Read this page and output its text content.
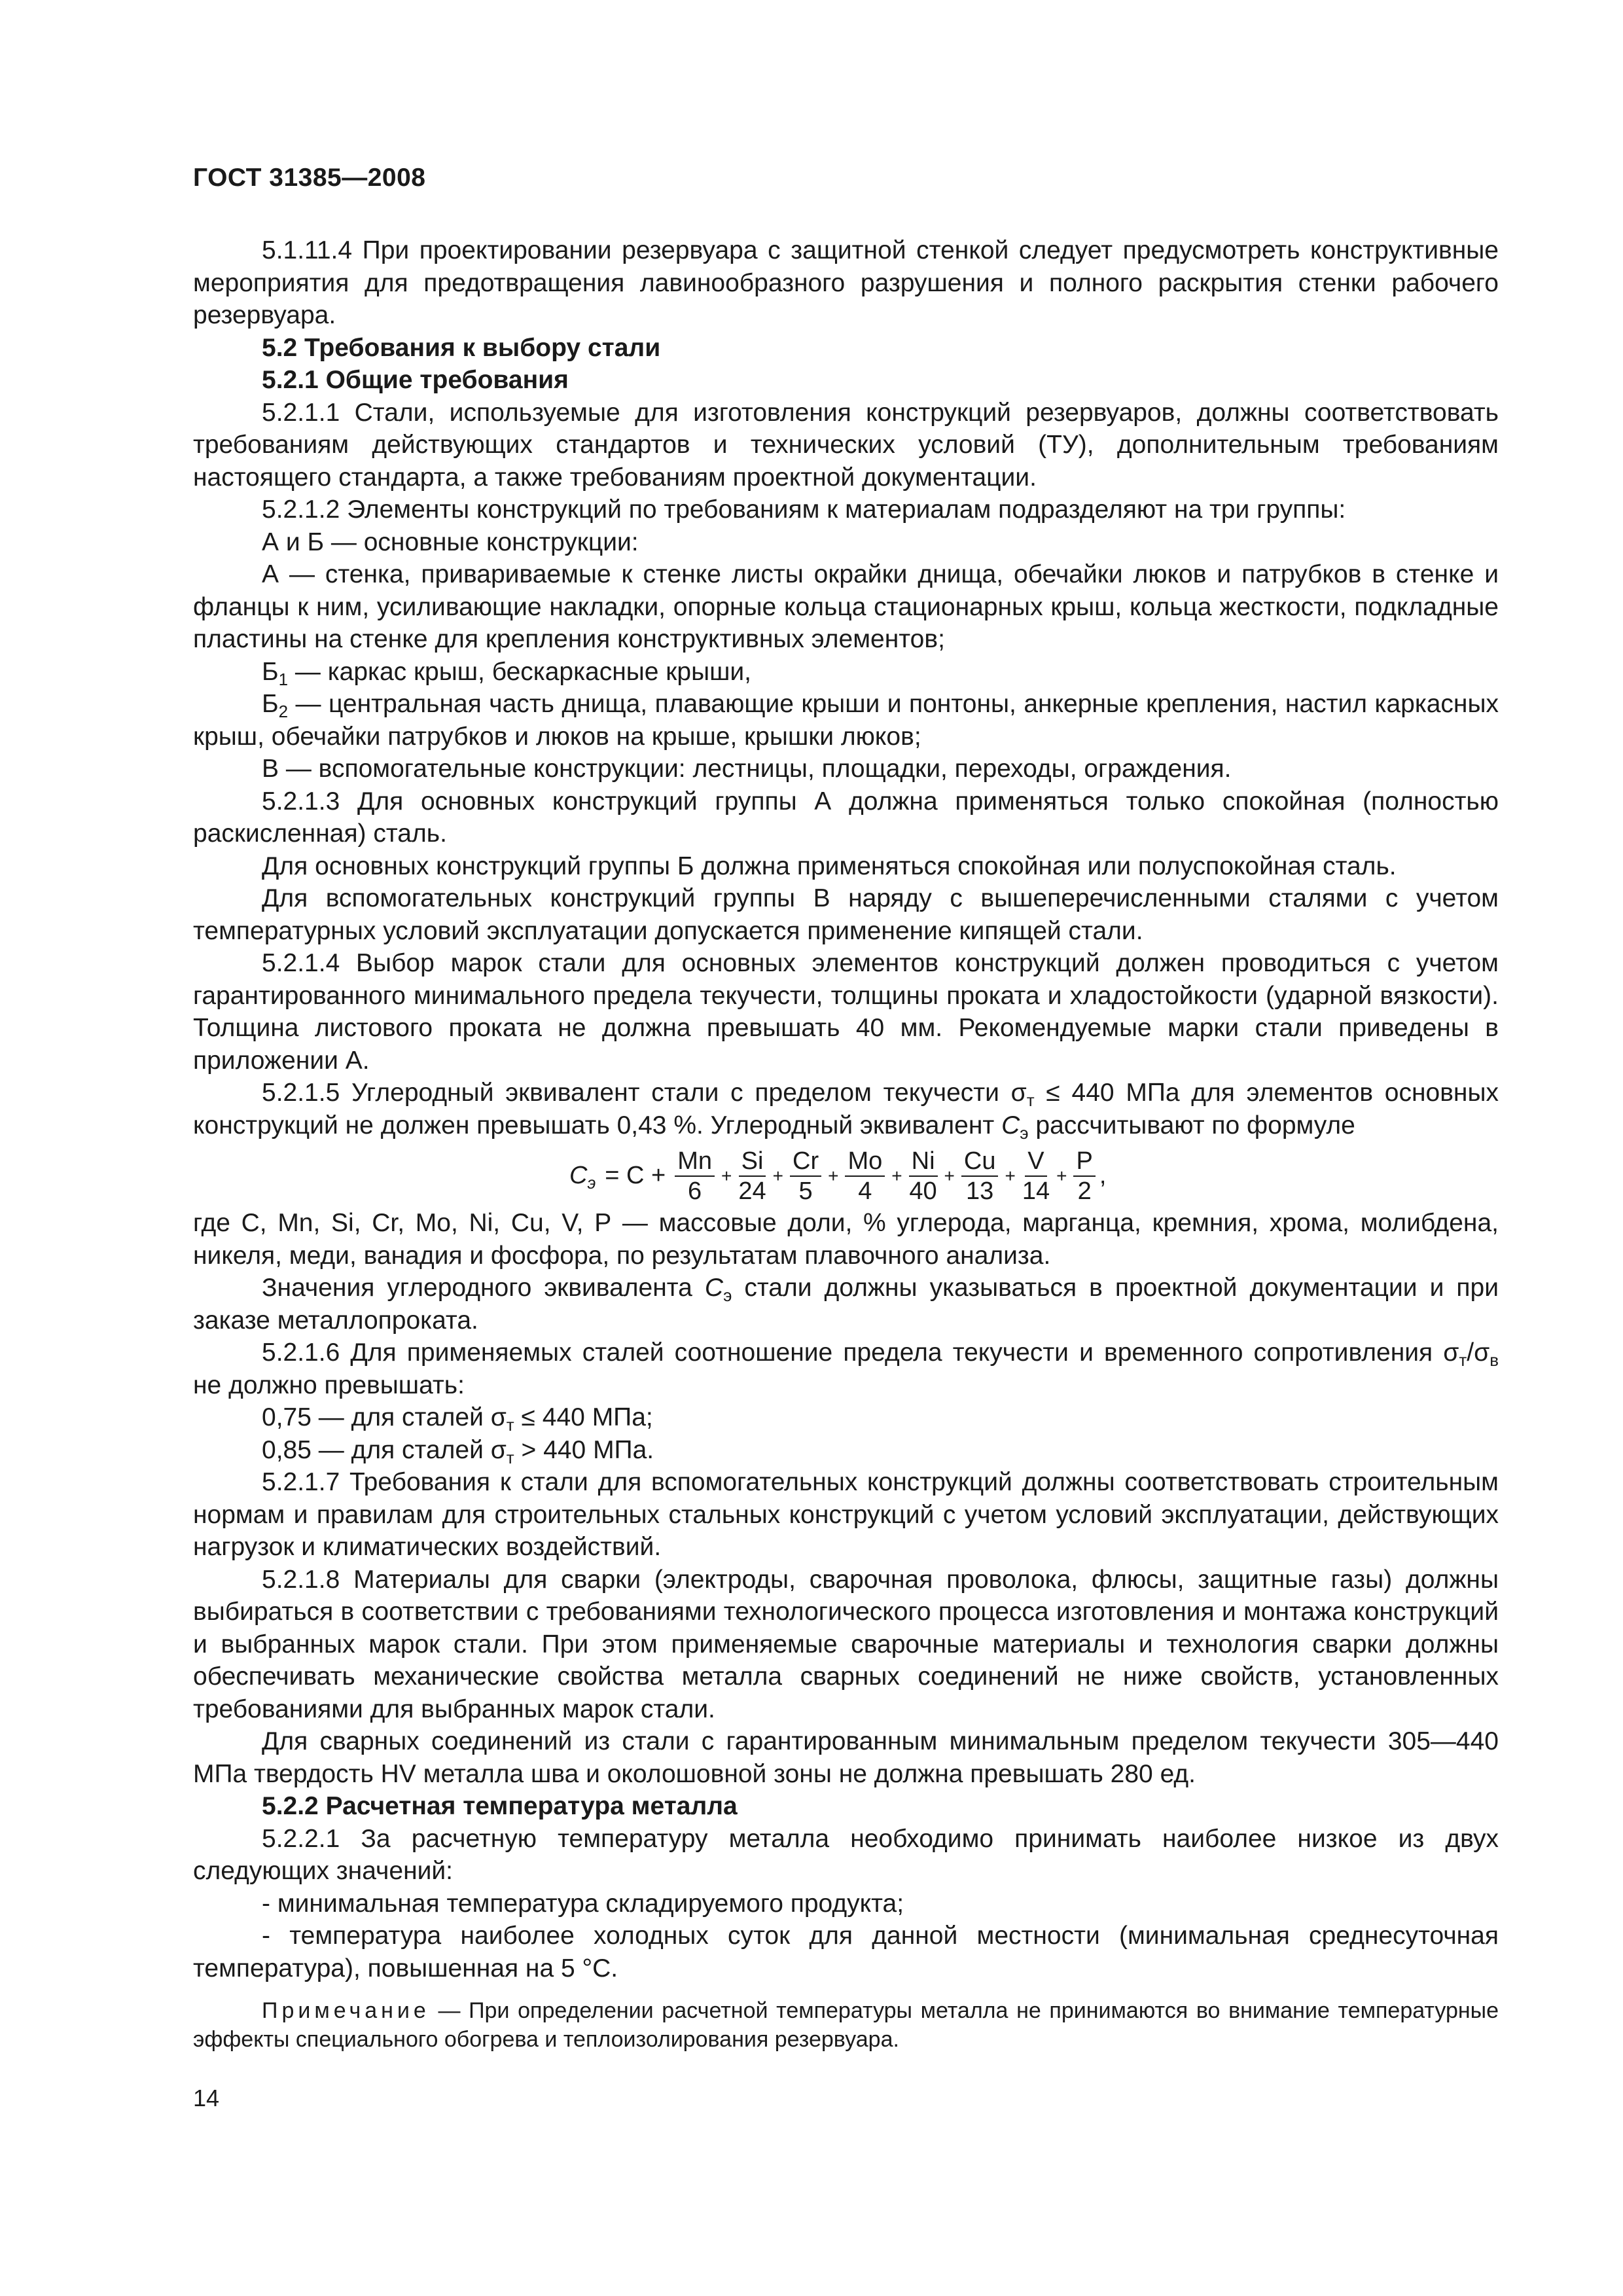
ГОСТ 31385—2008

5.1.11.4 При проектировании резервуара с защитной стенкой следует предусмотреть конструктивные мероприятия для предотвращения лавинообразного разрушения и полного раскрытия стенки рабочего резервуара.

5.2 Требования к выбору стали

5.2.1 Общие требования

5.2.1.1 Стали, используемые для изготовления конструкций резервуаров, должны соответствовать требованиям действующих стандартов и технических условий (ТУ), дополнительным требованиям настоящего стандарта, а также требованиям проектной документации.

5.2.1.2 Элементы конструкций по требованиям к материалам подразделяют на три группы:

А и Б — основные конструкции:

А — стенка, привариваемые к стенке листы окрайки днища, обечайки люков и патрубков в стенке и фланцы к ним, усиливающие накладки, опорные кольца стационарных крыш, кольца жесткости, подкладные пластины на стенке для крепления конструктивных элементов;

$Б_1$ — каркас крыш, бескаркасные крыши,

$Б_2$ — центральная часть днища, плавающие крыши и понтоны, анкерные крепления, настил каркасных крыш, обечайки патрубков и люков на крыше, крышки люков;

В — вспомогательные конструкции: лестницы, площадки, переходы, ограждения.

5.2.1.3 Для основных конструкций группы А должна применяться только спокойная (полностью раскисленная) сталь.

Для основных конструкций группы Б должна применяться спокойная или полуспокойная сталь.

Для вспомогательных конструкций группы В наряду с вышеперечисленными сталями с учетом температурных условий эксплуатации допускается применение кипящей стали.

5.2.1.4 Выбор марок стали для основных элементов конструкций должен проводиться с учетом гарантированного минимального предела текучести, толщины проката и хладостойкости (ударной вязкости). Толщина листового проката не должна превышать 40 мм. Рекомендуемые марки стали приведены в приложении А.

5.2.1.5 Углеродный эквивалент стали с пределом текучести $\sigma_т \le 440$ МПа для элементов основных конструкций не должен превышать 0,43 %. Углеродный эквивалент $С_э$ рассчитывают по формуле

$С_э = С + \frac{Mn}{6} + \frac{Si}{24} + \frac{Cr}{5} + \frac{Mo}{4} + \frac{Ni}{40} + \frac{Cu}{13} + \frac{V}{14} + \frac{P}{2}$ ,

где С, Mn, Si, Cr, Mo, Ni, Cu, V, Р — массовые доли, % углерода, марганца, кремния, хрома, молибдена, никеля, меди, ванадия и фосфора, по результатам плавочного анализа.

Значения углеродного эквивалента $С_э$ стали должны указываться в проектной документации и при заказе металлопроката.

5.2.1.6 Для применяемых сталей соотношение предела текучести и временного сопротивления $\sigma_т/\sigma_в$ не должно превышать:

0,75 — для сталей $\sigma_т \le 440$ МПа;

0,85 — для сталей $\sigma_т > 440$ МПа.

5.2.1.7 Требования к стали для вспомогательных конструкций должны соответствовать строительным нормам и правилам для строительных стальных конструкций с учетом условий эксплуатации, действующих нагрузок и климатических воздействий.

5.2.1.8 Материалы для сварки (электроды, сварочная проволока, флюсы, защитные газы) должны выбираться в соответствии с требованиями технологического процесса изготовления и монтажа конструкций и выбранных марок стали. При этом применяемые сварочные материалы и технология сварки должны обеспечивать механические свойства металла сварных соединений не ниже свойств, установленных требованиями для выбранных марок стали.

Для сварных соединений из стали с гарантированным минимальным пределом текучести 305—440 МПа твердость HV металла шва и околошовной зоны не должна превышать 280 ед.

5.2.2 Расчетная температура металла

5.2.2.1 За расчетную температуру металла необходимо принимать наиболее низкое из двух следующих значений:

- минимальная температура складируемого продукта;

- температура наиболее холодных суток для данной местности (минимальная среднесуточная температура), повышенная на 5 °С.

Примечание — При определении расчетной температуры металла не принимаются во внимание температурные эффекты специального обогрева и теплоизолирования резервуара.
14
